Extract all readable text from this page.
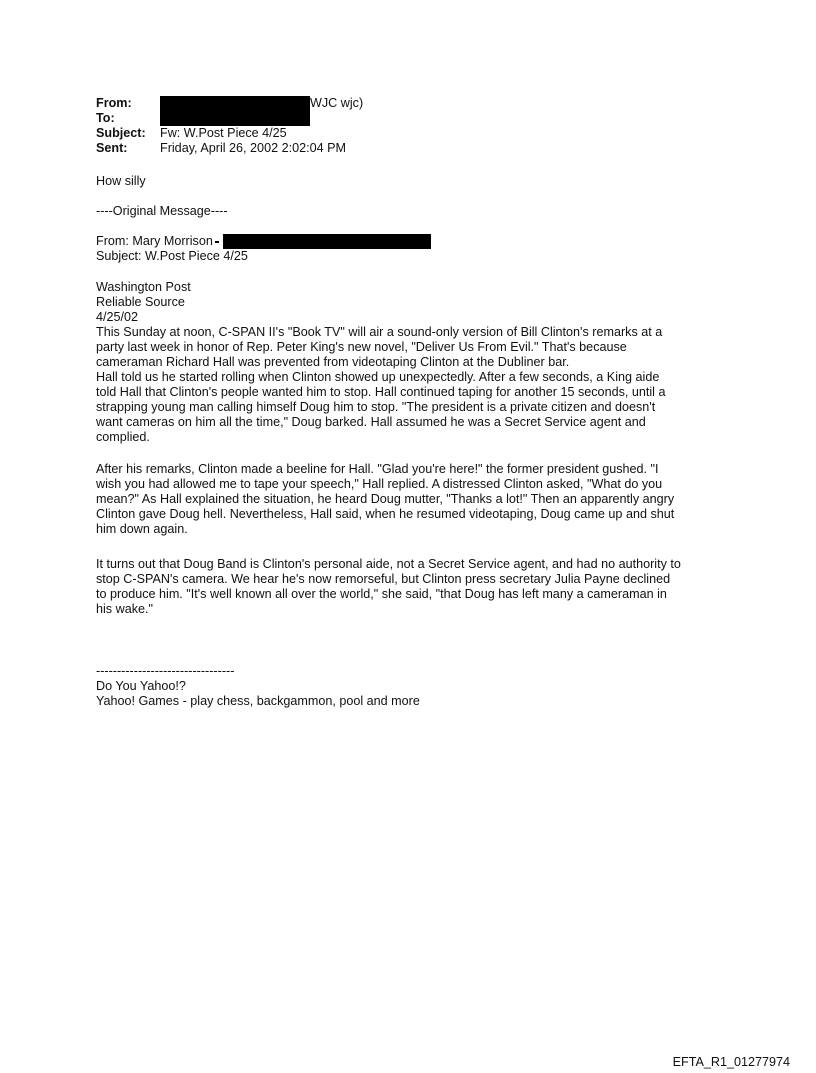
From:	WJC wjc)
To:
Subject:	Fw: W.Post Piece 4/25
Sent:	Friday, April 26, 2002 2:02:04 PM
How silly
----Original Message----
From: Mary Morrison
Subject: W.Post Piece 4/25
Washington Post
Reliable Source
4/25/02
This Sunday at noon, C-SPAN II's "Book TV" will air a sound-only version of Bill Clinton's remarks at a
party last week in honor of Rep. Peter King's new novel, "Deliver Us From Evil." That's because
cameraman Richard Hall was prevented from videotaping Clinton at the Dubliner bar.
Hall told us he started rolling when Clinton showed up unexpectedly. After a few seconds, a King aide
told Hall that Clinton's people wanted him to stop. Hall continued taping for another 15 seconds, until a
strapping young man calling himself Doug him to stop. "The president is a private citizen and doesn't
want cameras on him all the time," Doug barked. Hall assumed he was a Secret Service agent and
complied.
After his remarks, Clinton made a beeline for Hall. "Glad you're here!" the former president gushed. "I
wish you had allowed me to tape your speech," Hall replied. A distressed Clinton asked, "What do you
mean?" As Hall explained the situation, he heard Doug mutter, "Thanks a lot!" Then an apparently angry
Clinton gave Doug hell. Nevertheless, Hall said, when he resumed videotaping, Doug came up and shut
him down again.
It turns out that Doug Band is Clinton's personal aide, not a Secret Service agent, and had no authority to
stop C-SPAN's camera. We hear he's now remorseful, but Clinton press secretary Julia Payne declined
to produce him. "It's well known all over the world," she said, "that Doug has left many a cameraman in
his wake."
---------------------------------
Do You Yahoo!?
Yahoo! Games - play chess, backgammon, pool and more
EFTA_R1_01277974
